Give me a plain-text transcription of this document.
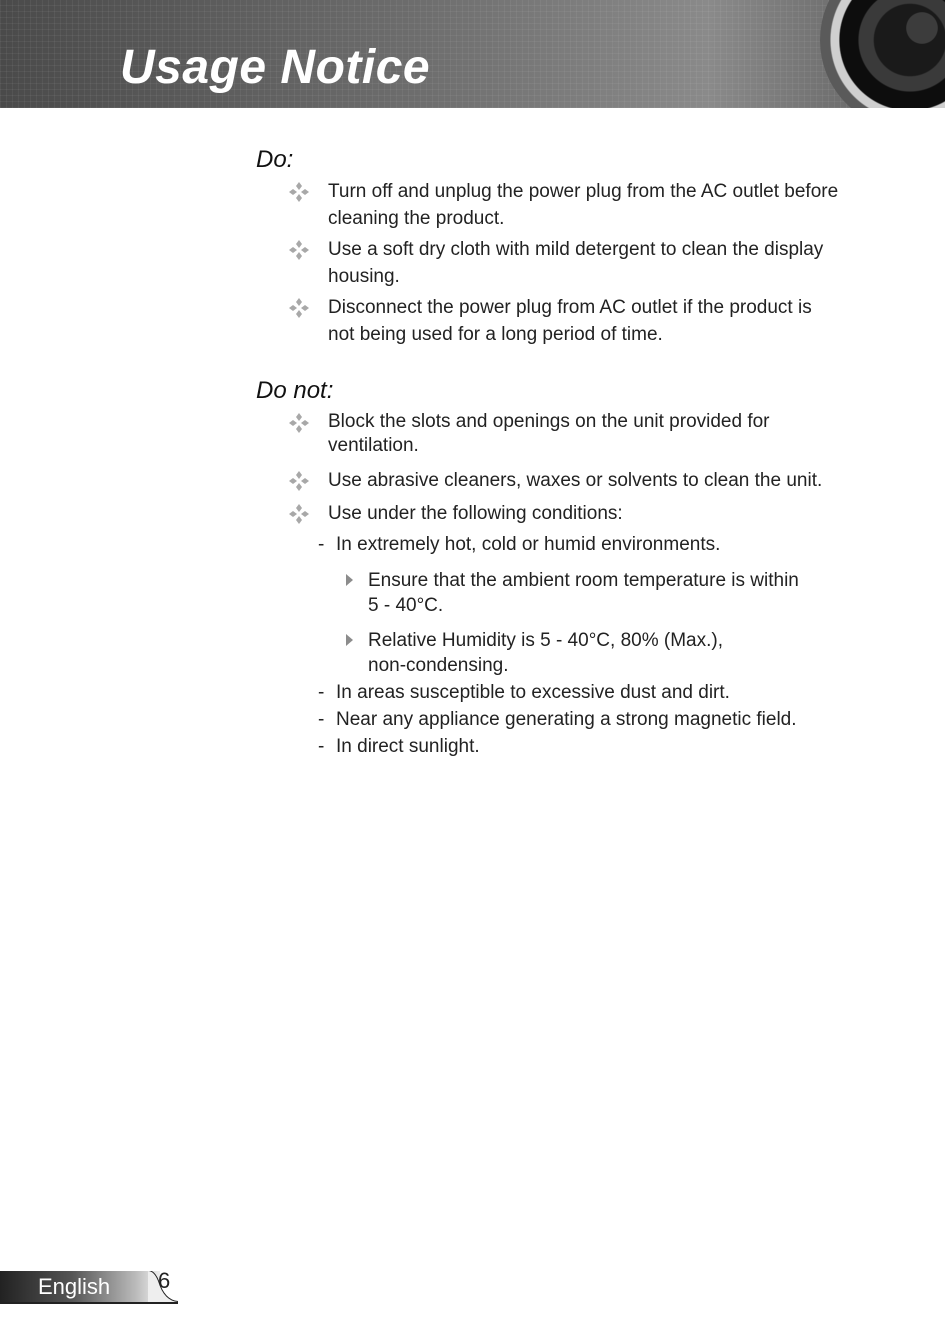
Usage Notice
Do:

Turn off and unplug the power plug from the AC outlet before
cleaning the product.

Use a soft dry cloth with mild detergent to clean the display
housing.

Disconnect the power plug from AC outlet if the product is
not being used for a long period of time.

Do not:

Block the slots and openings on the unit provided for
ventilation.

Use abrasive cleaners, waxes or solvents to clean the unit.

Use under the following conditions:

- In extremely hot, cold or humid environments.

Ensure that the ambient room temperature is within
5 - 40°C.

Relative Humidity is 5 - 40°C, 80% (Max.),
non-condensing.

- In areas susceptible to excessive dust and dirt.

- Near any appliance generating a strong magnetic field.

- In direct sunlight.

English 6
